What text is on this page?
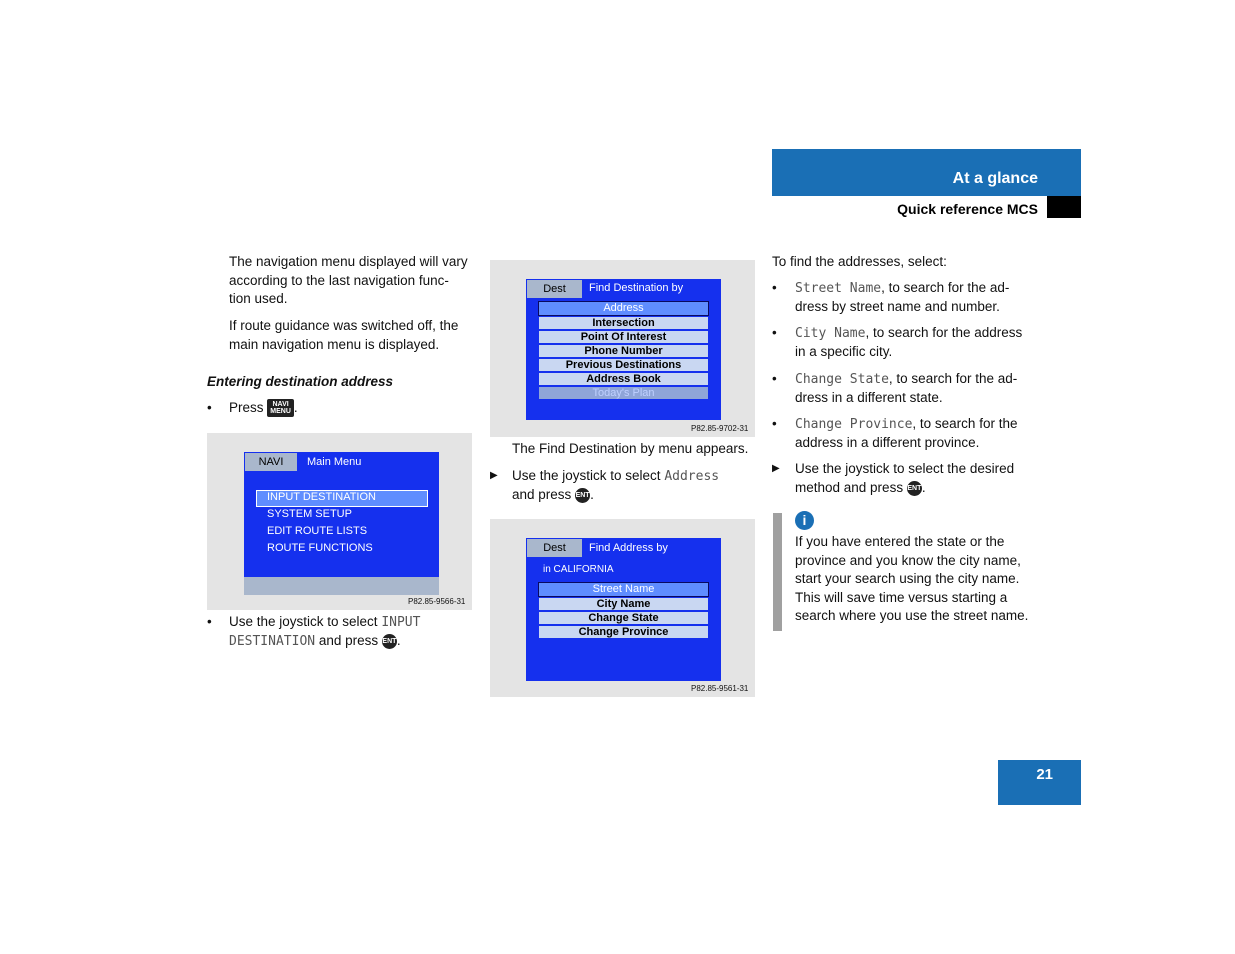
At a glance
Quick reference MCS
The navigation menu displayed will vary
according to the last navigation func-
tion used.
If route guidance was switched off, the
main navigation menu is displayed.
Entering destination address
• Press NAVI
MENU .
NAVI	Main Menu
INPUT DESTINATION
SYSTEM SETUP
EDIT ROUTE LISTS
ROUTE FUNCTIONS
P82.85-9566-31
• Use the joystick to select INPUT
DESTINATION and press ENT.
Dest	Find Destination by
Address
Intersection
Point Of Interest
Phone Number
Previous Destinations
Address Book
Today's Plan
P82.85-9702-31
The Find Destination by menu appears.
▶ Use the joystick to select Address
and press ENT.
Dest	Find Address by
in CALIFORNIA
Street Name
City Name
Change State
Change Province
P82.85-9561-31
To find the addresses, select:
• Street Name, to search for the ad-
dress by street name and number.
• City Name, to search for the address
in a specific city.
• Change State, to search for the ad-
dress in a different state.
• Change Province, to search for the
address in a different province.
▶ Use the joystick to select the desired
method and press ENT.
i
If you have entered the state or the
province and you know the city name,
start your search using the city name.
This will save time versus starting a
search where you use the street name.
21
